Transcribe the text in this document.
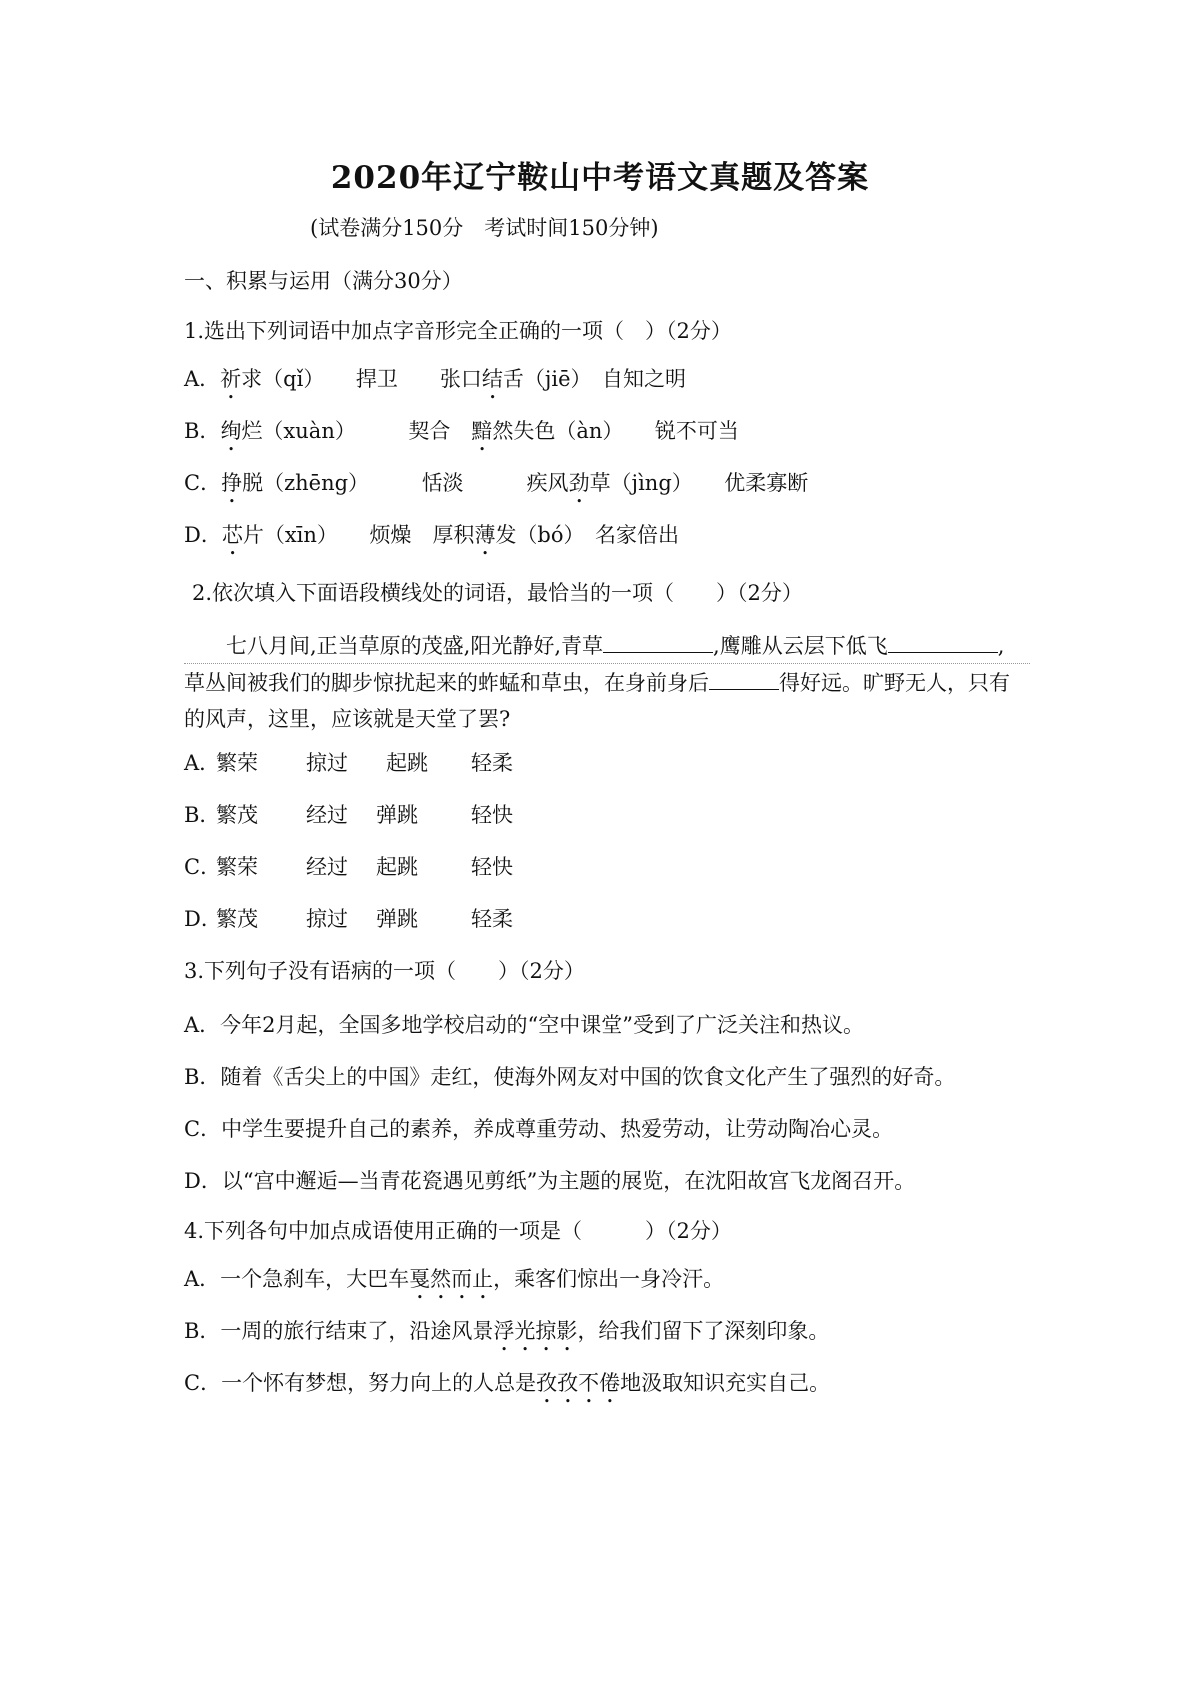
2020年辽宁鞍山中考语文真题及答案
(试卷满分150分　考试时间150分钟)
一、积累与运用（满分30分）
1.选出下列词语中加点字音形完全正确的一项（　）（2分）
A．祈求（qǐ）　　 捍卫　　 张口结舌（jiē）　 自知之明
B．绚烂（xuàn）　　　	契合　 黯然失色（àn）　　 锐不可当
C．挣脱（zhēng）　　　	恬淡　　　	疾风劲草（jìng）　　 优柔寡断
D．芯片（xīn）　　 烦燥　 厚积薄发（bó）　 名家倍出
2.依次填入下面语段横线处的词语，最恰当的一项（　　）（2分）
七八月间,正当草原的茂盛,阳光静好,青草	,鹰雕从云层下低飞	,
草丛间被我们的脚步惊扰起来的蚱蜢和草虫，在身前身后	得好远。旷野无人，只有
的风声，这里，应该就是天堂了罢?
A．
繁荣 掠过 起跳 轻柔
B．
繁茂 经过 弹跳	轻快
C．
繁荣 经过 起跳	轻快
D．
繁茂 掠过 弹跳	轻柔
3.下列句子没有语病的一项（　　）（2分）
A．今年2月起，全国多地学校启动的“空中课堂”受到了广泛关注和热议。
B．随着《舌尖上的中国》走红，使海外网友对中国的饮食文化产生了强烈的好奇。
C．中学生要提升自己的素养，养成尊重劳动、热爱劳动，让劳动陶冶心灵。
D．以“宫中邂逅—当青花瓷遇见剪纸”为主题的展览，在沈阳故宫飞龙阁召开。
4.下列各句中加点成语使用正确的一项是（　　　）（2分）
A．一个急刹车，大巴车戛然而止，乘客们惊出一身冷汗。
B．一周的旅行结束了，沿途风景浮光掠影，给我们留下了深刻印象。
C．一个怀有梦想，努力向上的人总是孜孜不倦地汲取知识充实自己。
